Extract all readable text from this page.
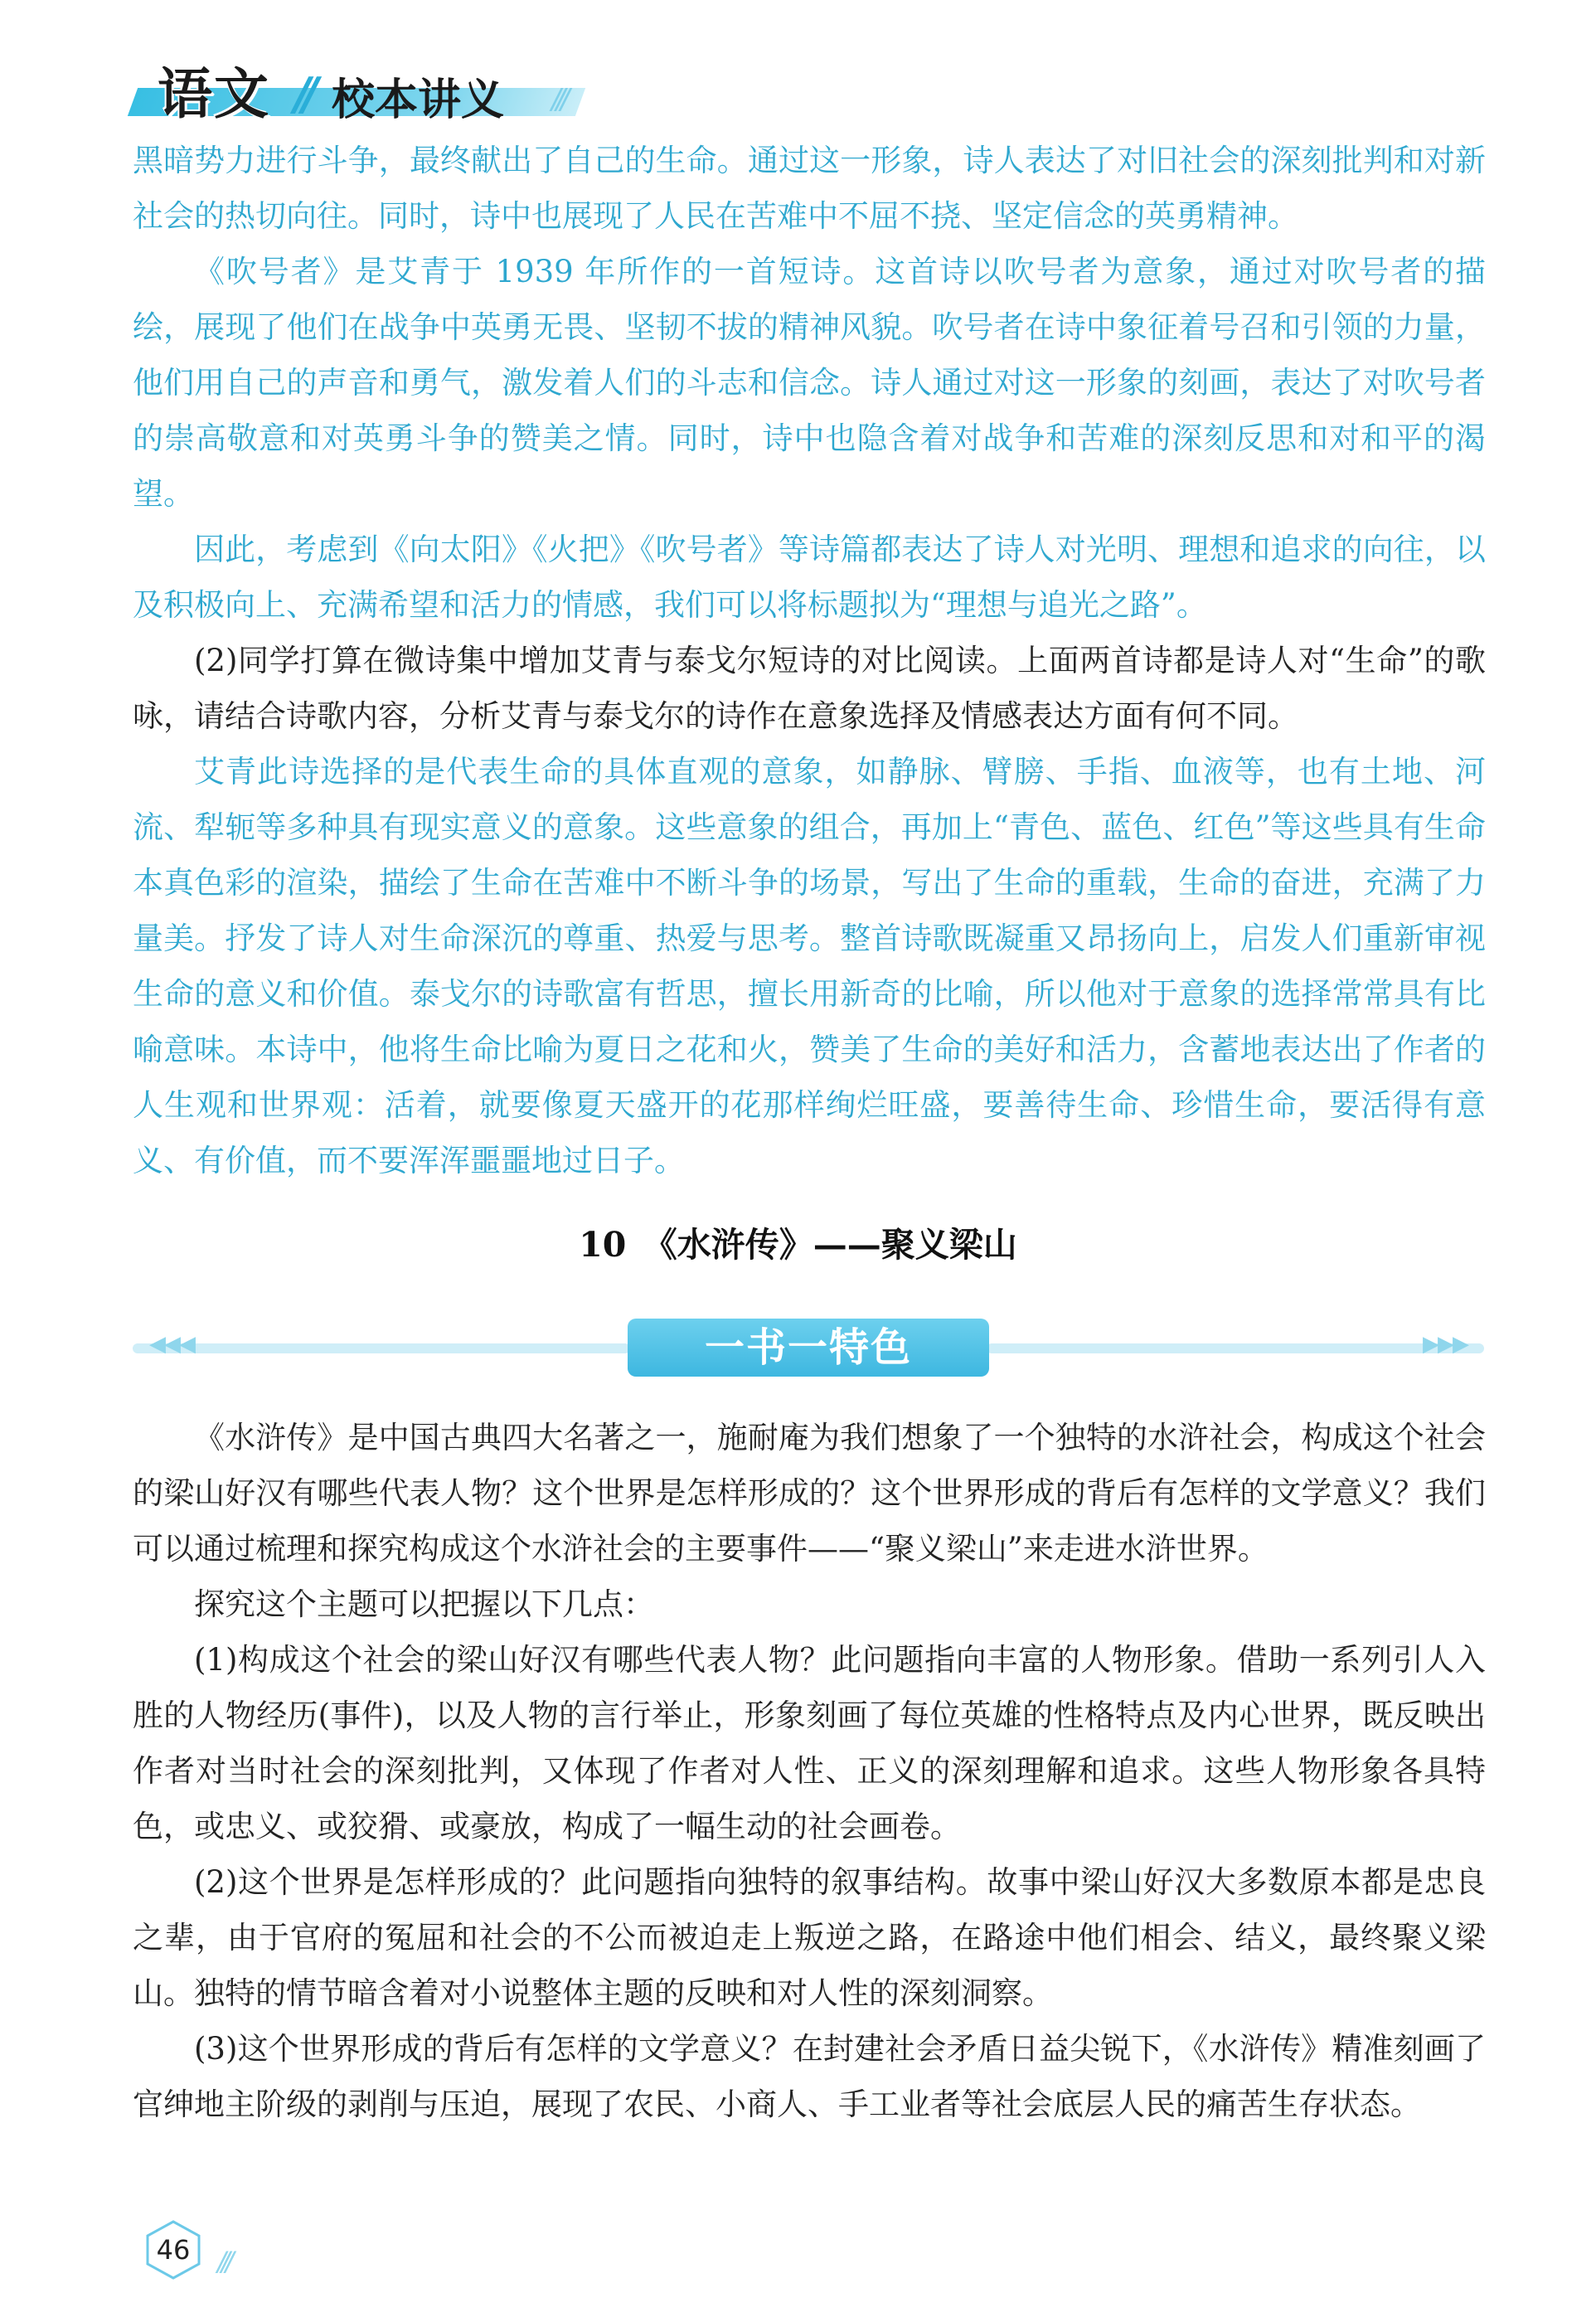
语文 // 校本讲义 ///

黑暗势力进行斗争，最终献出了自己的生命。通过这一形象，诗人表达了对旧社会的深刻批判和对新社会的热切向往。同时，诗中也展现了人民在苦难中不屈不挠、坚定信念的英勇精神。

《吹号者》是艾青于 1939 年所作的一首短诗。这首诗以吹号者为意象，通过对吹号者的描绘，展现了他们在战争中英勇无畏、坚韧不拔的精神风貌。吹号者在诗中象征着号召和引领的力量，他们用自己的声音和勇气，激发着人们的斗志和信念。诗人通过对这一形象的刻画，表达了对吹号者的崇高敬意和对英勇斗争的赞美之情。同时，诗中也隐含着对战争和苦难的深刻反思和对和平的渴望。

因此，考虑到《向太阳》《火把》《吹号者》等诗篇都表达了诗人对光明、理想和追求的向往，以及积极向上、充满希望和活力的情感，我们可以将标题拟为“理想与追光之路”。

(2)同学打算在微诗集中增加艾青与泰戈尔短诗的对比阅读。上面两首诗都是诗人对“生命”的歌咏，请结合诗歌内容，分析艾青与泰戈尔的诗作在意象选择及情感表达方面有何不同。

艾青此诗选择的是代表生命的具体直观的意象，如静脉、臂膀、手指、血液等，也有土地、河流、犁轭等多种具有现实意义的意象。这些意象的组合，再加上“青色、蓝色、红色”等这些具有生命本真色彩的渲染，描绘了生命在苦难中不断斗争的场景，写出了生命的重载，生命的奋进，充满了力量美。抒发了诗人对生命深沉的尊重、热爱与思考。整首诗歌既凝重又昂扬向上，启发人们重新审视生命的意义和价值。泰戈尔的诗歌富有哲思，擅长用新奇的比喻，所以他对于意象的选择常常具有比喻意味。本诗中，他将生命比喻为夏日之花和火，赞美了生命的美好和活力，含蓄地表达出了作者的人生观和世界观：活着，就要像夏天盛开的花那样绚烂旺盛，要善待生命、珍惜生命，要活得有意义、有价值，而不要浑浑噩噩地过日子。

10　《水浒传》——聚义梁山
◀◀◀	▶▶▶
一书一特色

《水浒传》是中国古典四大名著之一，施耐庵为我们想象了一个独特的水浒社会，构成这个社会的梁山好汉有哪些代表人物？这个世界是怎样形成的？这个世界形成的背后有怎样的文学意义？我们可以通过梳理和探究构成这个水浒社会的主要事件——“聚义梁山”来走进水浒世界。

探究这个主题可以把握以下几点：

(1)构成这个社会的梁山好汉有哪些代表人物？此问题指向丰富的人物形象。借助一系列引人入胜的人物经历(事件)，以及人物的言行举止，形象刻画了每位英雄的性格特点及内心世界，既反映出作者对当时社会的深刻批判，又体现了作者对人性、正义的深刻理解和追求。这些人物形象各具特色，或忠义、或狡猾、或豪放，构成了一幅生动的社会画卷。

(2)这个世界是怎样形成的？此问题指向独特的叙事结构。故事中梁山好汉大多数原本都是忠良之辈，由于官府的冤屈和社会的不公而被迫走上叛逆之路，在路途中他们相会、结义，最终聚义梁山。独特的情节暗含着对小说整体主题的反映和对人性的深刻洞察。

(3)这个世界形成的背后有怎样的文学意义？在封建社会矛盾日益尖锐下，《水浒传》精准刻画了官绅地主阶级的剥削与压迫，展现了农民、小商人、手工业者等社会底层人民的痛苦生存状态。

46	///
